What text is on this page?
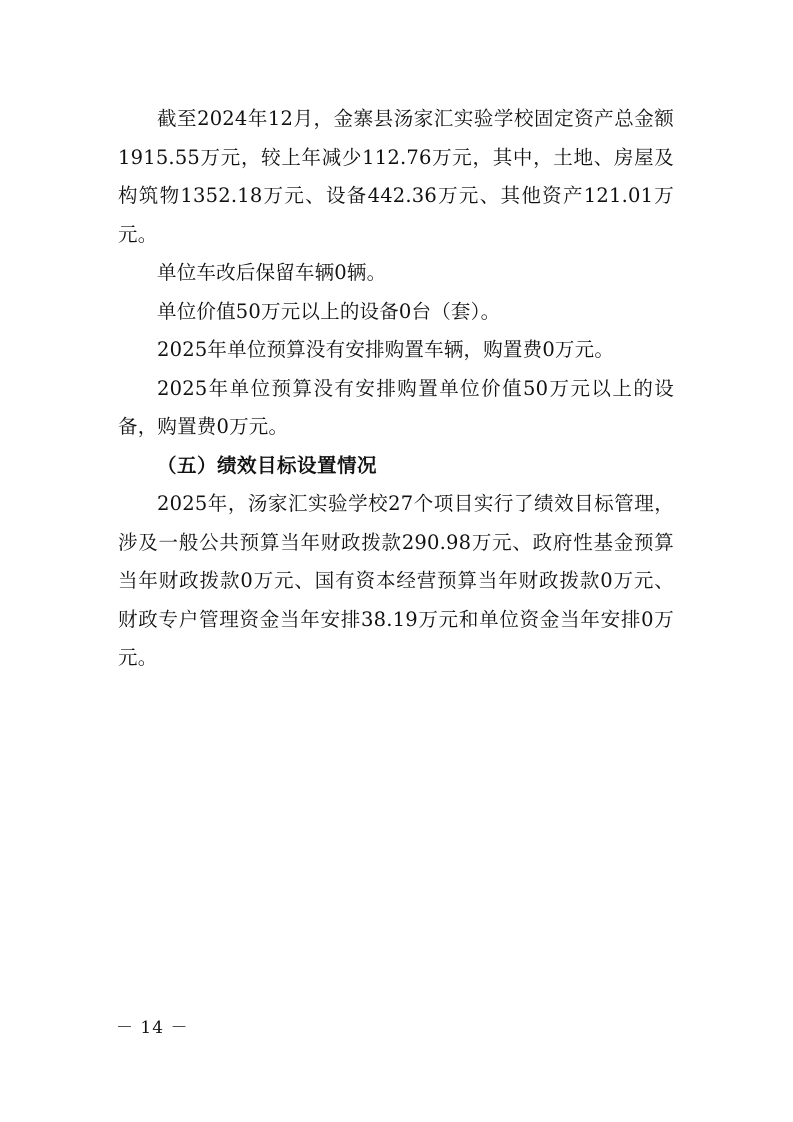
截至2024年12月，金寨县汤家汇实验学校固定资产总金额1915.55万元，较上年减少112.76万元，其中，土地、房屋及构筑物1352.18万元、设备442.36万元、其他资产121.01万元。

单位车改后保留车辆0辆。

单位价值50万元以上的设备0台（套）。

2025年单位预算没有安排购置车辆，购置费0万元。

2025年单位预算没有安排购置单位价值50万元以上的设备，购置费0万元。

（五）绩效目标设置情况

2025年，汤家汇实验学校27个项目实行了绩效目标管理，涉及一般公共预算当年财政拨款290.98万元、政府性基金预算当年财政拨款0万元、国有资本经营预算当年财政拨款0万元、财政专户管理资金当年安排38.19万元和单位资金当年安排0万元。

－ 14 －
